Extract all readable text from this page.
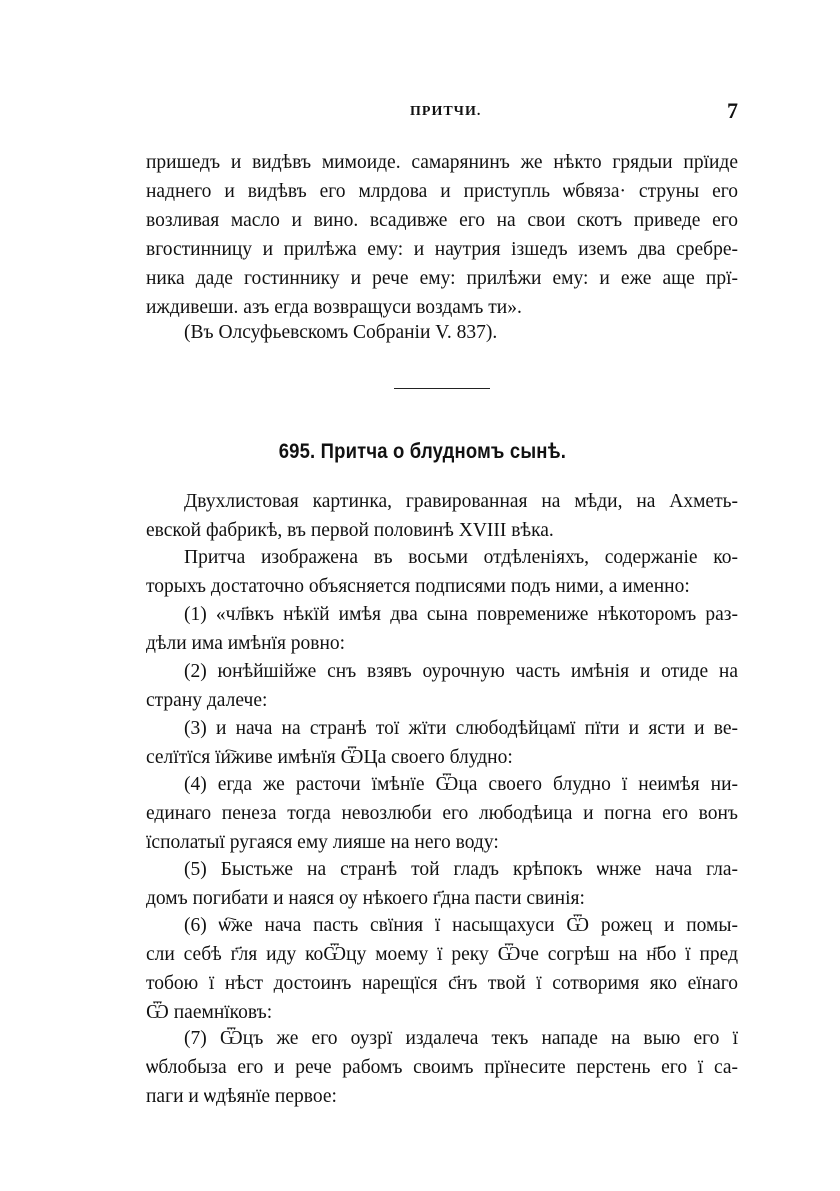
ПРИТЧИ.	7
пришедъ и видѣвъ мимоиде. самарянинъ же нѣкто грядыи прїиде
наднего и видѣвъ его млрдова и приступль ѡбвяза· струны его
возливая масло и вино. всадивже его на свои скотъ приведе его
вгостинницу и прилѣжа ему: и наутрия ізшедъ иземъ два сребре-
ника даде гостиннику и рече ему: прилѣжи ему: и еже аще прї-
иждивеши. азъ егда возвращуси воздамъ ти».
(Въ Олсуфьевскомъ Собраніи V. 837).
695. Притча о блудномъ сынѣ.
Двухлистовая картинка, гравированная на мѣди, на Ахметь-
евской фабрикѣ, въ первой половинѣ XVIII вѣка.
Притча изображена въ восьми отдѣленіяхъ, содержаніе ко-
торыхъ достаточно объясняется подписями подъ ними, а именно:
(1) «чл҃вкъ нѣкїй имѣя два сына повремениже нѣкоторомъ раз-
дѣли има имѣнїя ровно:
(2) юнѣйшійже снъ взявъ оурочную часть имѣнія и отиде на
страну далече:
(3) и нача на странѣ тої жїти слюбодѣйцамї пїти и ясти и ве-
селїтїся їи҇живе имѣнїя ѾЦа своего блудно:
(4) егда же расточи їмѣнїе Ѿца своего блудно ї неимѣя ни-
единаго пенеза тогда невозлюби его любодѣица и погна его вонъ
їсполатыї ругаяся ему лияше на него воду:
(5) Быстьже на странѣ той гладъ крѣпокъ ѡнже нача гла-
домъ погибати и наяся оу нѣкоего г҃дна пасти свинія:
(6) ѡ҇же нача пасть свїния ї насыщахуси Ѿ рожец и помы-
сли себѣ г҃ля иду коѾцу моему ї реку Ѿче согрѣш на н҃бо ї пред
тобою ї нѣст достоинъ нарещїся с҃нъ твой ї сотворимя яко еїнаго
Ѿ паемнїковъ:
(7) Ѿцъ же его оузрї издалеча текъ нападе на выю его ї
ѡблобыза его и рече рабомъ своимъ прїнесите перстень его ї са-
паги и ѡдѣянїе первое:
